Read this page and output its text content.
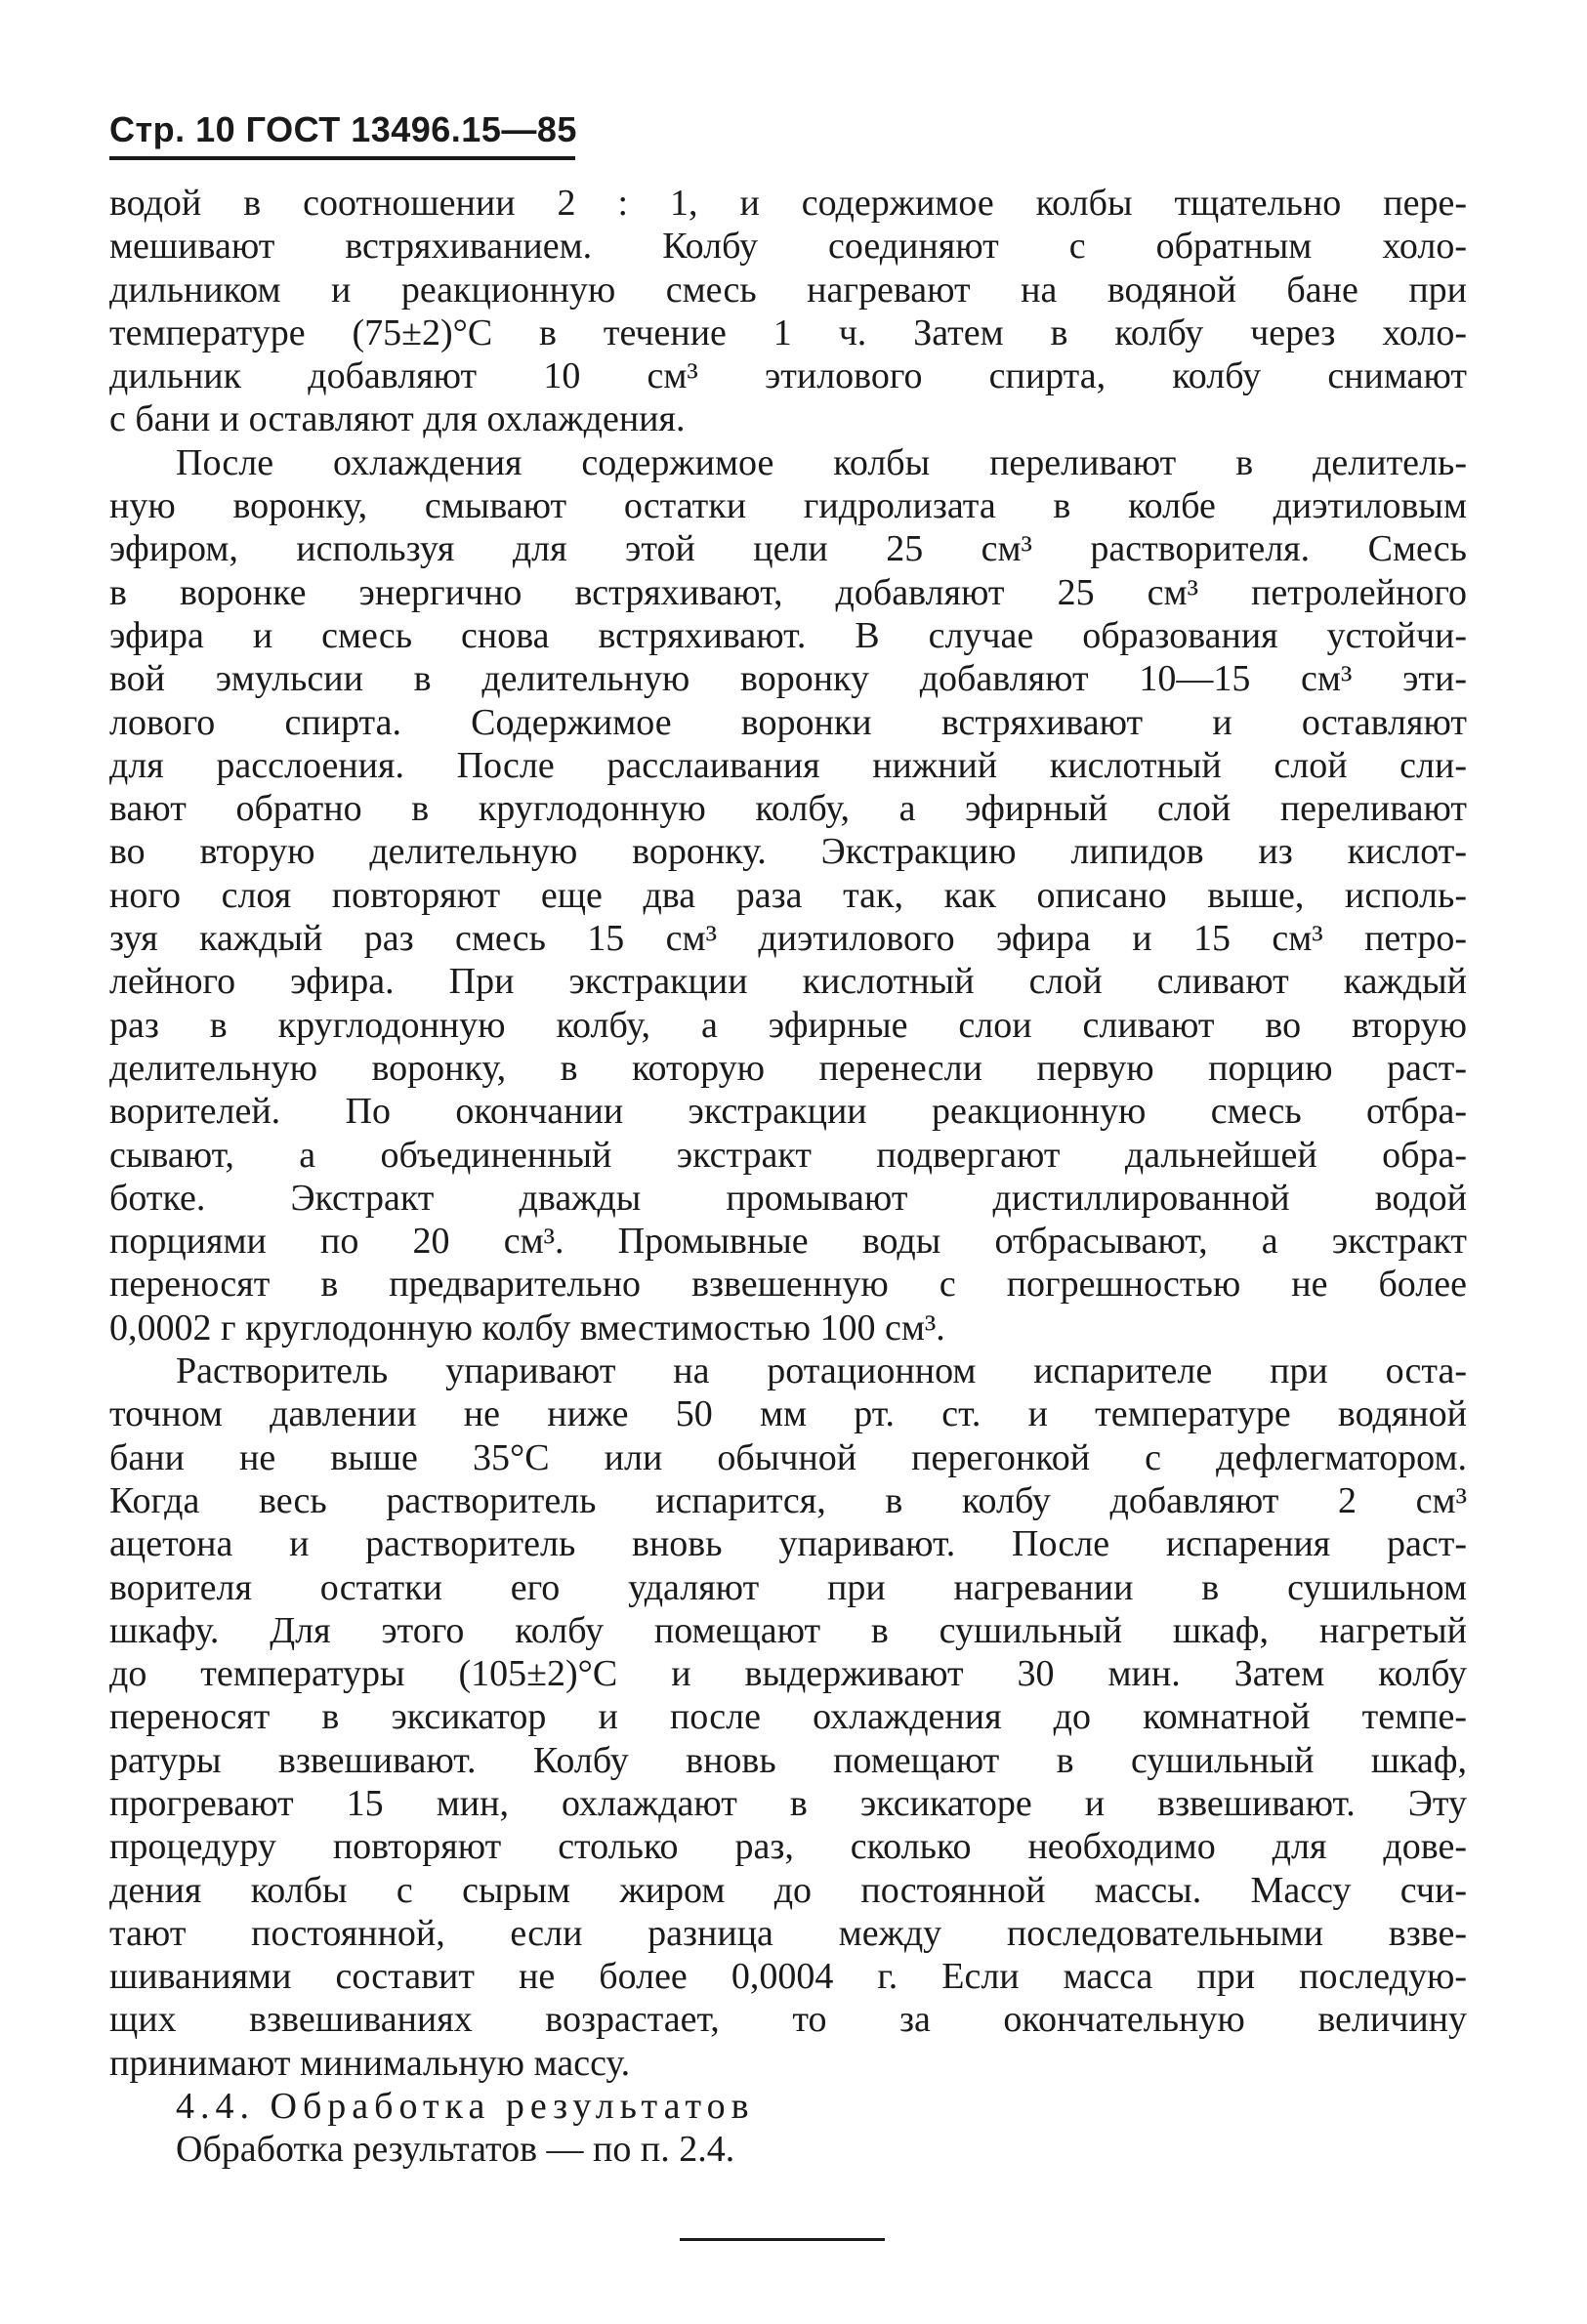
Стр. 10 ГОСТ 13496.15—85
водой в соотношении 2 : 1, и содержимое колбы тщательно пере-
мешивают встряхиванием. Колбу соединяют с обратным холо-
дильником и реакционную смесь нагревают на водяной бане при
температуре (75±2)°С в течение 1 ч. Затем в колбу через холо-
дильник добавляют 10 см³ этилового спирта, колбу снимают
с бани и оставляют для охлаждения.
После охлаждения содержимое колбы переливают в делитель-
ную воронку, смывают остатки гидролизата в колбе диэтиловым
эфиром, используя для этой цели 25 см³ растворителя. Смесь
в воронке энергично встряхивают, добавляют 25 см³ петролейного
эфира и смесь снова встряхивают. В случае образования устойчи-
вой эмульсии в делительную воронку добавляют 10—15 см³ эти-
лового спирта. Содержимое воронки встряхивают и оставляют
для расслоения. После расслаивания нижний кислотный слой сли-
вают обратно в круглодонную колбу, а эфирный слой переливают
во вторую делительную воронку. Экстракцию липидов из кислот-
ного слоя повторяют еще два раза так, как описано выше, исполь-
зуя каждый раз смесь 15 см³ диэтилового эфира и 15 см³ петро-
лейного эфира. При экстракции кислотный слой сливают каждый
раз в круглодонную колбу, а эфирные слои сливают во вторую
делительную воронку, в которую перенесли первую порцию раст-
ворителей. По окончании экстракции реакционную смесь отбра-
сывают, а объединенный экстракт подвергают дальнейшей обра-
ботке. Экстракт дважды промывают дистиллированной водой
порциями по 20 см³. Промывные воды отбрасывают, а экстракт
переносят в предварительно взвешенную с погрешностью не более
0,0002 г круглодонную колбу вместимостью 100 см³.
Растворитель упаривают на ротационном испарителе при оста-
точном давлении не ниже 50 мм рт. ст. и температуре водяной
бани не выше 35°С или обычной перегонкой с дефлегматором.
Когда весь растворитель испарится, в колбу добавляют 2 см³
ацетона и растворитель вновь упаривают. После испарения раст-
ворителя остатки его удаляют при нагревании в сушильном
шкафу. Для этого колбу помещают в сушильный шкаф, нагретый
до температуры (105±2)°С и выдерживают 30 мин. Затем колбу
переносят в эксикатор и после охлаждения до комнатной темпе-
ратуры взвешивают. Колбу вновь помещают в сушильный шкаф,
прогревают 15 мин, охлаждают в эксикаторе и взвешивают. Эту
процедуру повторяют столько раз, сколько необходимо для дове-
дения колбы с сырым жиром до постоянной массы. Массу счи-
тают постоянной, если разница между последовательными взве-
шиваниями составит не более 0,0004 г. Если масса при последую-
щих взвешиваниях возрастает, то за окончательную величину
принимают минимальную массу.
4.4. Обработка результатов
Обработка результатов — по п. 2.4.
